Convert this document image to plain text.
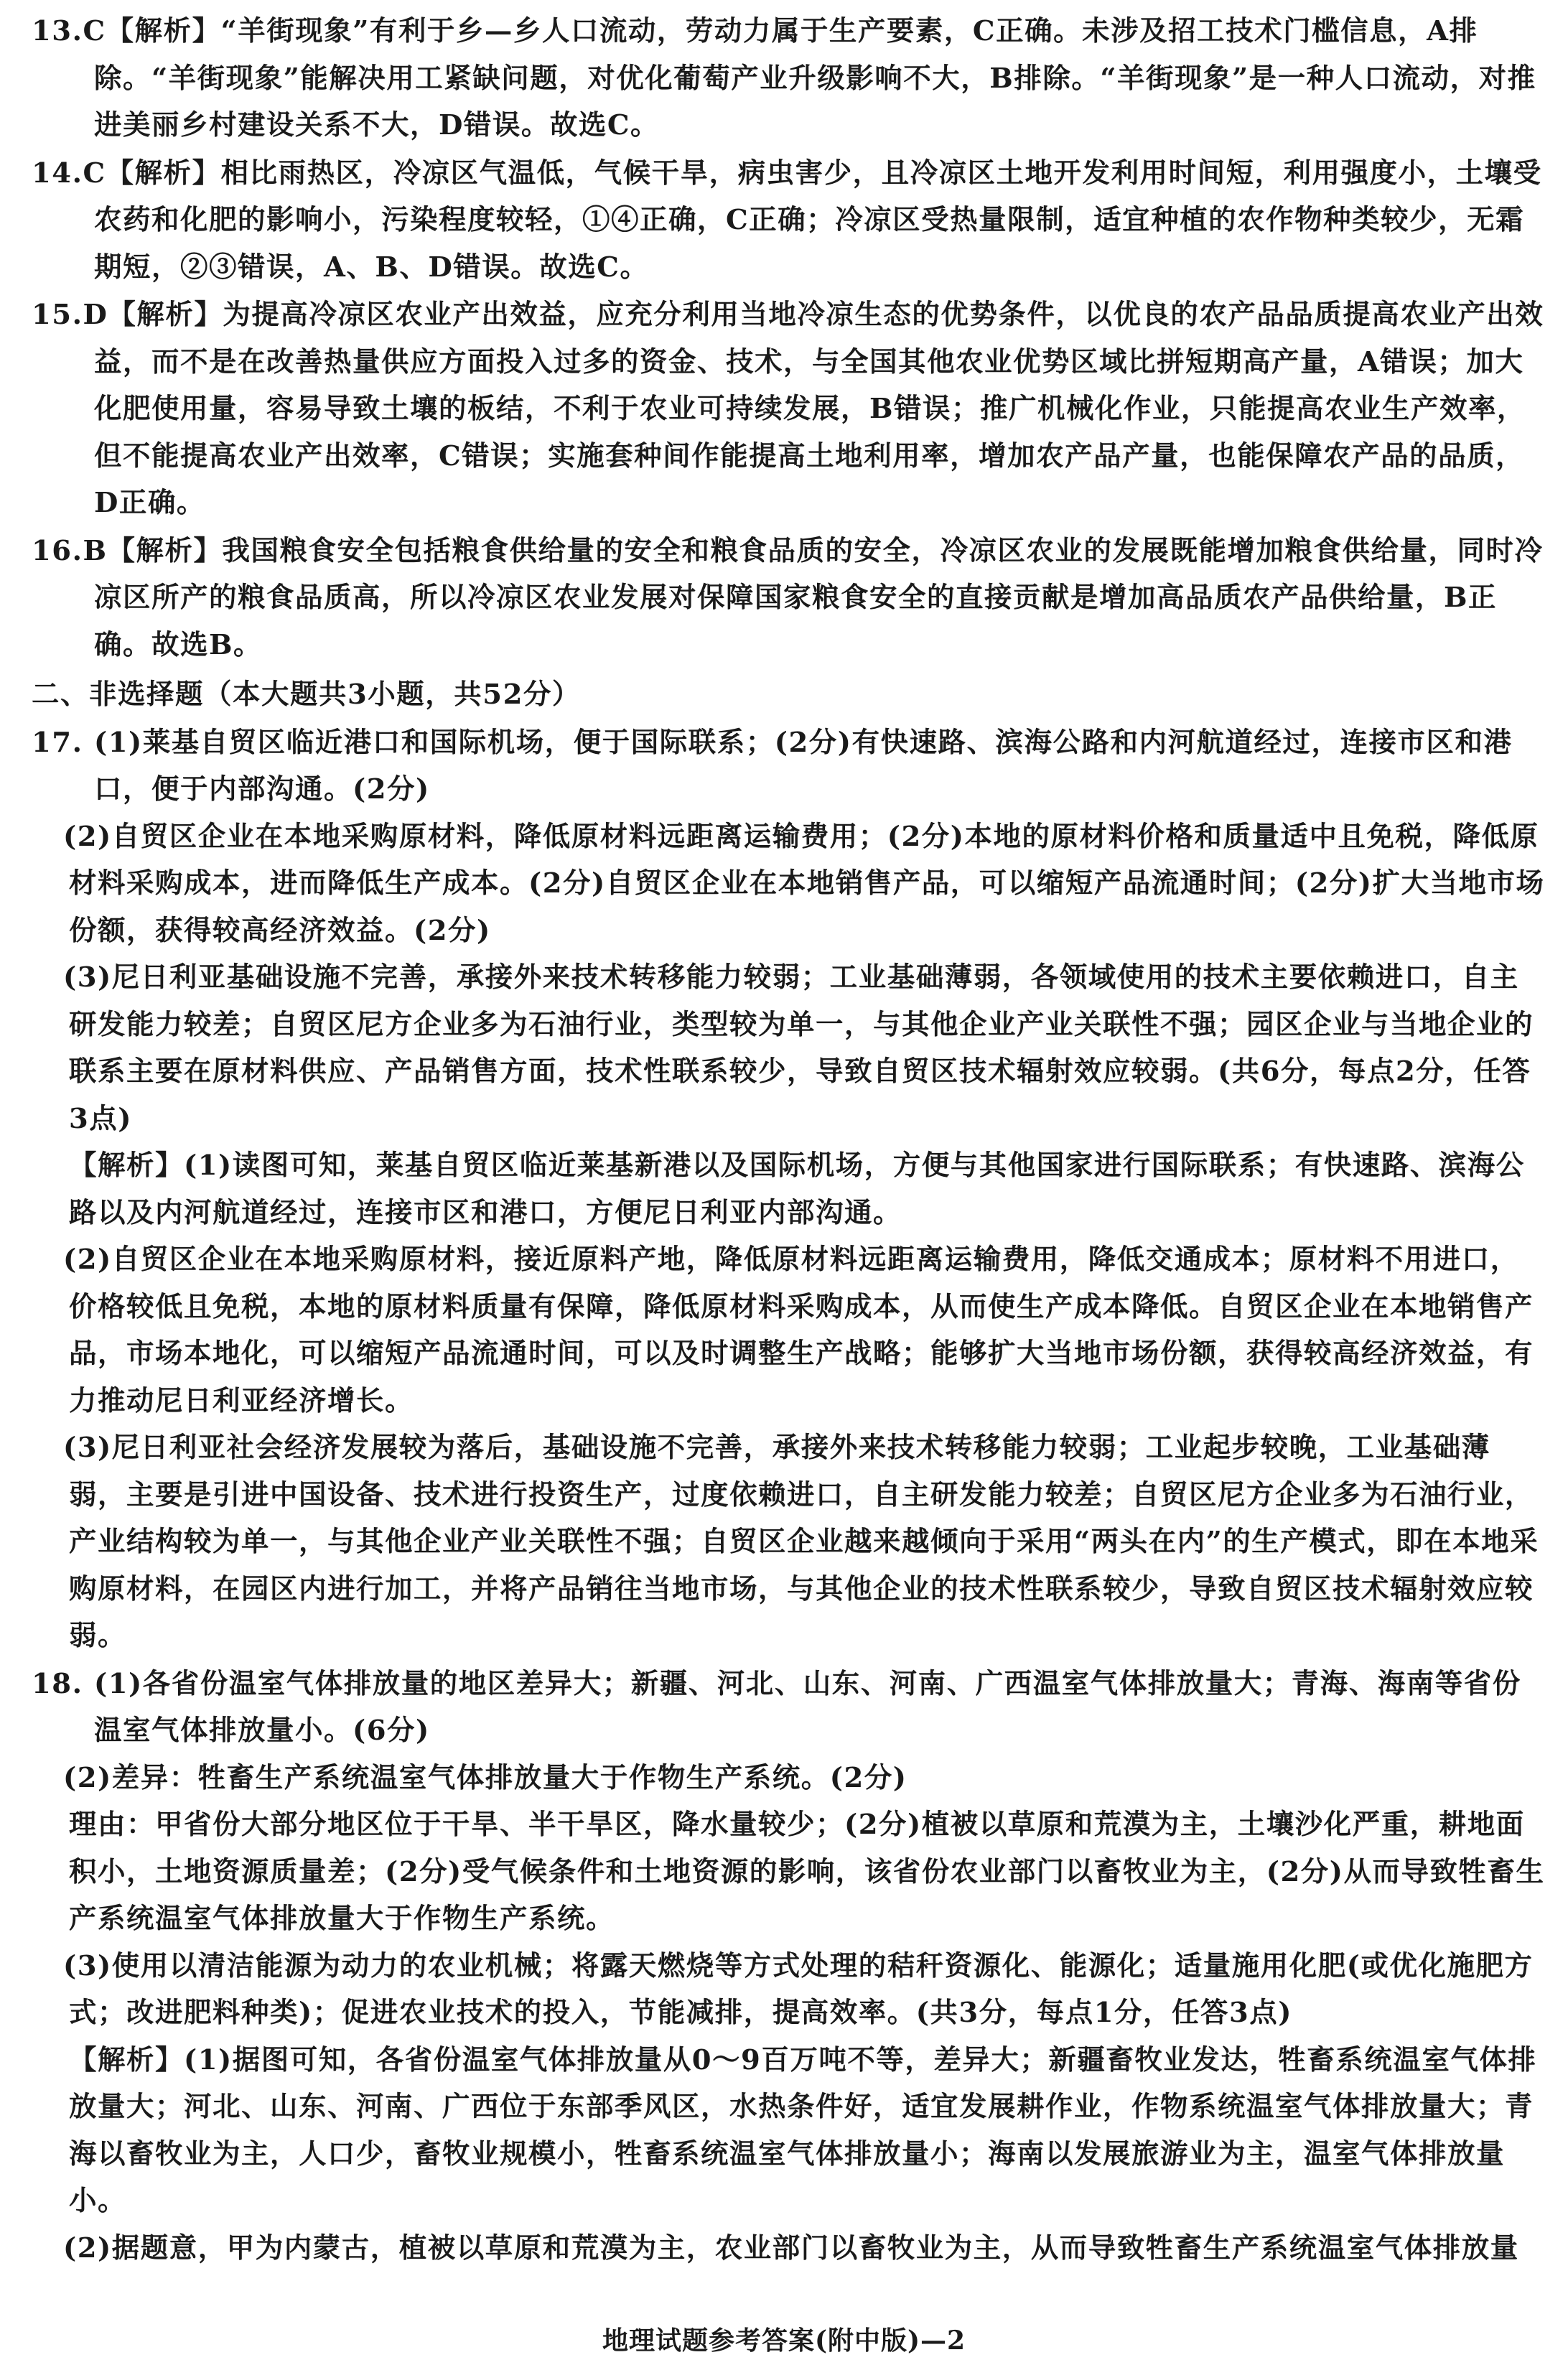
13.C【解析】“羊街现象”有利于乡—乡人口流动，劳动力属于生产要素，C正确。未涉及招工技术门槛信息，A排除。“羊街现象”能解决用工紧缺问题，对优化葡萄产业升级影响不大，B排除。“羊街现象”是一种人口流动，对推进美丽乡村建设关系不大，D错误。故选C。

14.C【解析】相比雨热区，冷凉区气温低，气候干旱，病虫害少，且冷凉区土地开发利用时间短，利用强度小，土壤受农药和化肥的影响小，污染程度较轻，①④正确，C正确；冷凉区受热量限制，适宜种植的农作物种类较少，无霜期短，②③错误，A、B、D错误。故选C。

15.D【解析】为提高冷凉区农业产出效益，应充分利用当地冷凉生态的优势条件，以优良的农产品品质提高农业产出效益，而不是在改善热量供应方面投入过多的资金、技术，与全国其他农业优势区域比拼短期高产量，A错误；加大化肥使用量，容易导致土壤的板结，不利于农业可持续发展，B错误；推广机械化作业，只能提高农业生产效率，但不能提高农业产出效率，C错误；实施套种间作能提高土地利用率，增加农产品产量，也能保障农产品的品质，D正确。

16.B【解析】我国粮食安全包括粮食供给量的安全和粮食品质的安全，冷凉区农业的发展既能增加粮食供给量，同时冷凉区所产的粮食品质高，所以冷凉区农业发展对保障国家粮食安全的直接贡献是增加高品质农产品供给量，B正确。故选B。

二、非选择题（本大题共3小题，共52分）

17. (1)莱基自贸区临近港口和国际机场，便于国际联系；(2分)有快速路、滨海公路和内河航道经过，连接市区和港口，便于内部沟通。(2分)

(2)自贸区企业在本地采购原材料，降低原材料远距离运输费用；(2分)本地的原材料价格和质量适中且免税，降低原材料采购成本，进而降低生产成本。(2分)自贸区企业在本地销售产品，可以缩短产品流通时间；(2分)扩大当地市场份额，获得较高经济效益。(2分)

(3)尼日利亚基础设施不完善，承接外来技术转移能力较弱；工业基础薄弱，各领域使用的技术主要依赖进口，自主研发能力较差；自贸区尼方企业多为石油行业，类型较为单一，与其他企业产业关联性不强；园区企业与当地企业的联系主要在原材料供应、产品销售方面，技术性联系较少，导致自贸区技术辐射效应较弱。(共6分，每点2分，任答3点)

【解析】(1)读图可知，莱基自贸区临近莱基新港以及国际机场，方便与其他国家进行国际联系；有快速路、滨海公路以及内河航道经过，连接市区和港口，方便尼日利亚内部沟通。

(2)自贸区企业在本地采购原材料，接近原料产地，降低原材料远距离运输费用，降低交通成本；原材料不用进口，价格较低且免税，本地的原材料质量有保障，降低原材料采购成本，从而使生产成本降低。自贸区企业在本地销售产品，市场本地化，可以缩短产品流通时间，可以及时调整生产战略；能够扩大当地市场份额，获得较高经济效益，有力推动尼日利亚经济增长。

(3)尼日利亚社会经济发展较为落后，基础设施不完善，承接外来技术转移能力较弱；工业起步较晚，工业基础薄弱，主要是引进中国设备、技术进行投资生产，过度依赖进口，自主研发能力较差；自贸区尼方企业多为石油行业，产业结构较为单一，与其他企业产业关联性不强；自贸区企业越来越倾向于采用“两头在内”的生产模式，即在本地采购原材料，在园区内进行加工，并将产品销往当地市场，与其他企业的技术性联系较少，导致自贸区技术辐射效应较弱。

18. (1)各省份温室气体排放量的地区差异大；新疆、河北、山东、河南、广西温室气体排放量大；青海、海南等省份温室气体排放量小。(6分)

(2)差异：牲畜生产系统温室气体排放量大于作物生产系统。(2分)

理由：甲省份大部分地区位于干旱、半干旱区，降水量较少；(2分)植被以草原和荒漠为主，土壤沙化严重，耕地面积小，土地资源质量差；(2分)受气候条件和土地资源的影响，该省份农业部门以畜牧业为主，(2分)从而导致牲畜生产系统温室气体排放量大于作物生产系统。

(3)使用以清洁能源为动力的农业机械；将露天燃烧等方式处理的秸秆资源化、能源化；适量施用化肥(或优化施肥方式；改进肥料种类)；促进农业技术的投入，节能减排，提高效率。(共3分，每点1分，任答3点)

【解析】(1)据图可知，各省份温室气体排放量从0～9百万吨不等，差异大；新疆畜牧业发达，牲畜系统温室气体排放量大；河北、山东、河南、广西位于东部季风区，水热条件好，适宜发展耕作业，作物系统温室气体排放量大；青海以畜牧业为主，人口少，畜牧业规模小，牲畜系统温室气体排放量小；海南以发展旅游业为主，温室气体排放量小。

(2)据题意，甲为内蒙古，植被以草原和荒漠为主，农业部门以畜牧业为主，从而导致牲畜生产系统温室气体排放量

地理试题参考答案(附中版)—2
